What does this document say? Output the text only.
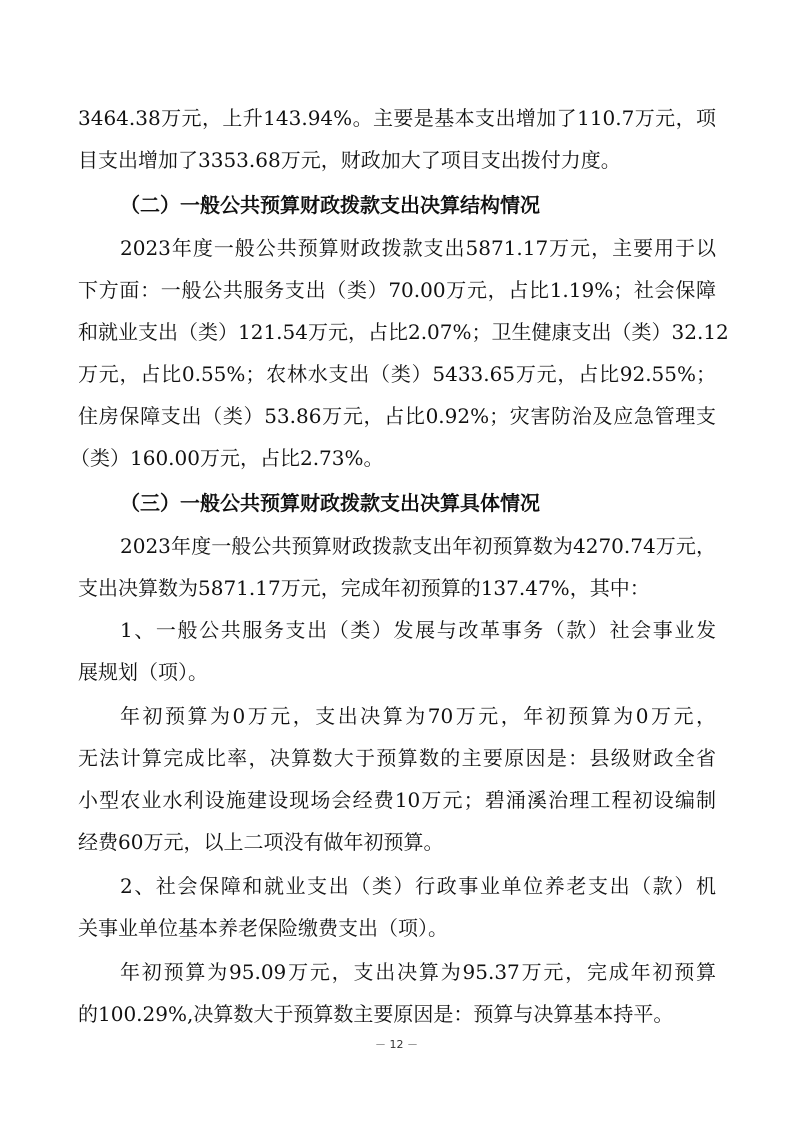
3464.38万元，上升143.94%。主要是基本支出增加了110.7万元，项
目支出增加了3353.68万元，财政加大了项目支出拨付力度。
（二）一般公共预算财政拨款支出决算结构情况
2023年度一般公共预算财政拨款支出5871.17万元，主要用于以
下方面：一般公共服务支出（类）70.00万元，占比1.19%；社会保障
和就业支出（类）121.54万元，占比2.07%；卫生健康支出（类）32.12
万元，占比0.55%；农林水支出（类）5433.65万元，占比92.55%；
住房保障支出（类）53.86万元，占比0.92%；灾害防治及应急管理支
（类）160.00万元，占比2.73%。
（三）一般公共预算财政拨款支出决算具体情况
2023年度一般公共预算财政拨款支出年初预算数为4270.74万元，
支出决算数为5871.17万元，完成年初预算的137.47%，其中：
1、一般公共服务支出（类）发展与改革事务（款）社会事业发
展规划（项）。
年初预算为0万元，支出决算为70万元，年初预算为0万元，
无法计算完成比率，决算数大于预算数的主要原因是：县级财政全省
小型农业水利设施建设现场会经费10万元；碧涌溪治理工程初设编制
经费60万元，以上二项没有做年初预算。
2、社会保障和就业支出（类）行政事业单位养老支出（款）机
关事业单位基本养老保险缴费支出（项）。
年初预算为95.09万元，支出决算为95.37万元，完成年初预算
的100.29%,决算数大于预算数主要原因是：预算与决算基本持平。
－ 12 －
